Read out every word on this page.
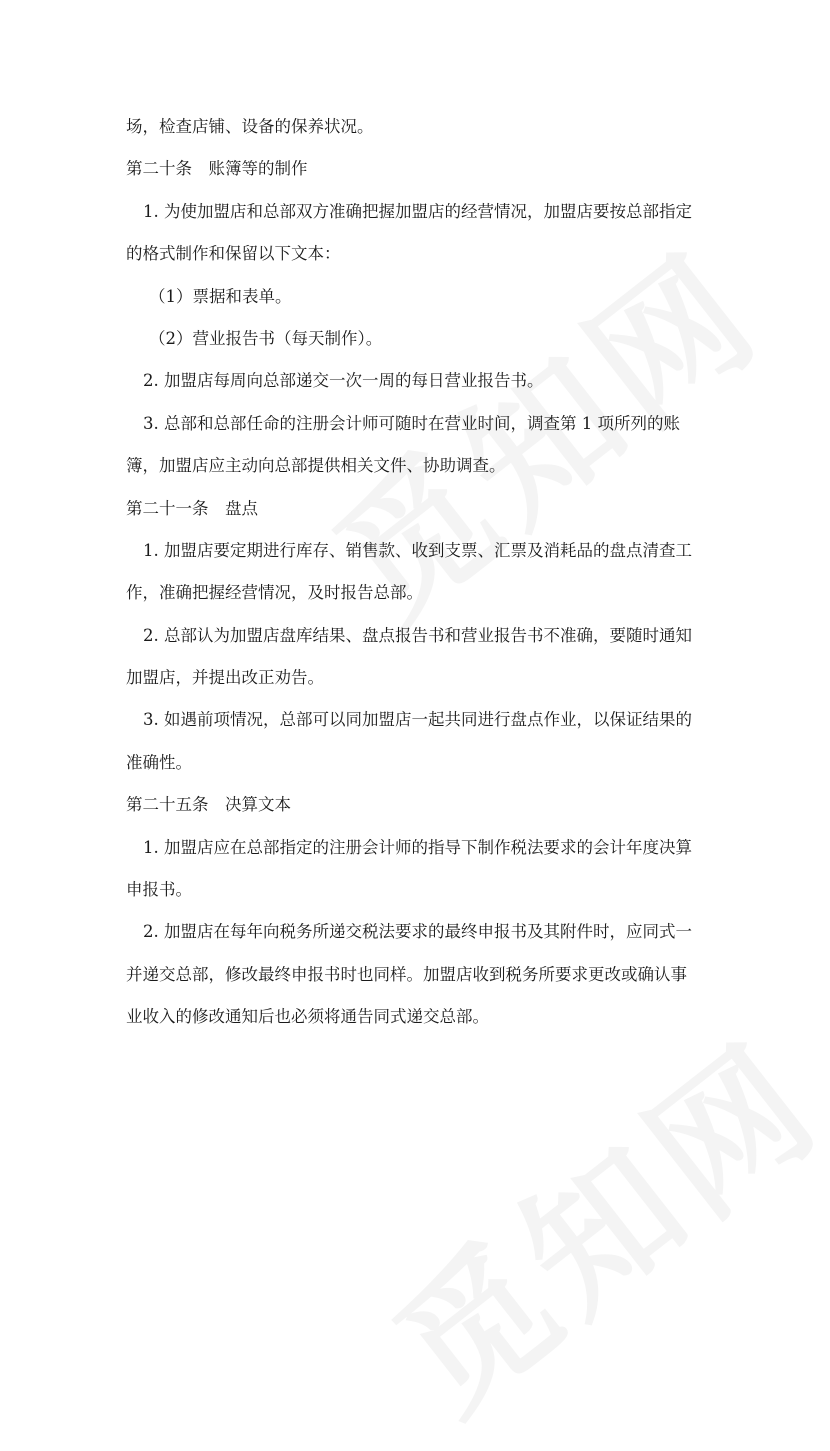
场，检查店铺、设备的保养状况。
第二十条　账簿等的制作
1. 为使加盟店和总部双方准确把握加盟店的经营情况，加盟店要按总部指定
的格式制作和保留以下文本：
（1）票据和表单。
（2）营业报告书（每天制作）。
2. 加盟店每周向总部递交一次一周的每日营业报告书。
3. 总部和总部任命的注册会计师可随时在营业时间，调查第 1 项所列的账
簿，加盟店应主动向总部提供相关文件、协助调查。
第二十一条　盘点
1. 加盟店要定期进行库存、销售款、收到支票、汇票及消耗品的盘点清查工
作，准确把握经营情况，及时报告总部。
2. 总部认为加盟店盘库结果、盘点报告书和营业报告书不准确，要随时通知
加盟店，并提出改正劝告。
3. 如遇前项情况，总部可以同加盟店一起共同进行盘点作业，以保证结果的
准确性。
第二十五条　决算文本
1. 加盟店应在总部指定的注册会计师的指导下制作税法要求的会计年度决算
申报书。
2. 加盟店在每年向税务所递交税法要求的最终申报书及其附件时，应同式一
并递交总部，修改最终申报书时也同样。加盟店收到税务所要求更改或确认事
业收入的修改通知后也必须将通告同式递交总部。
